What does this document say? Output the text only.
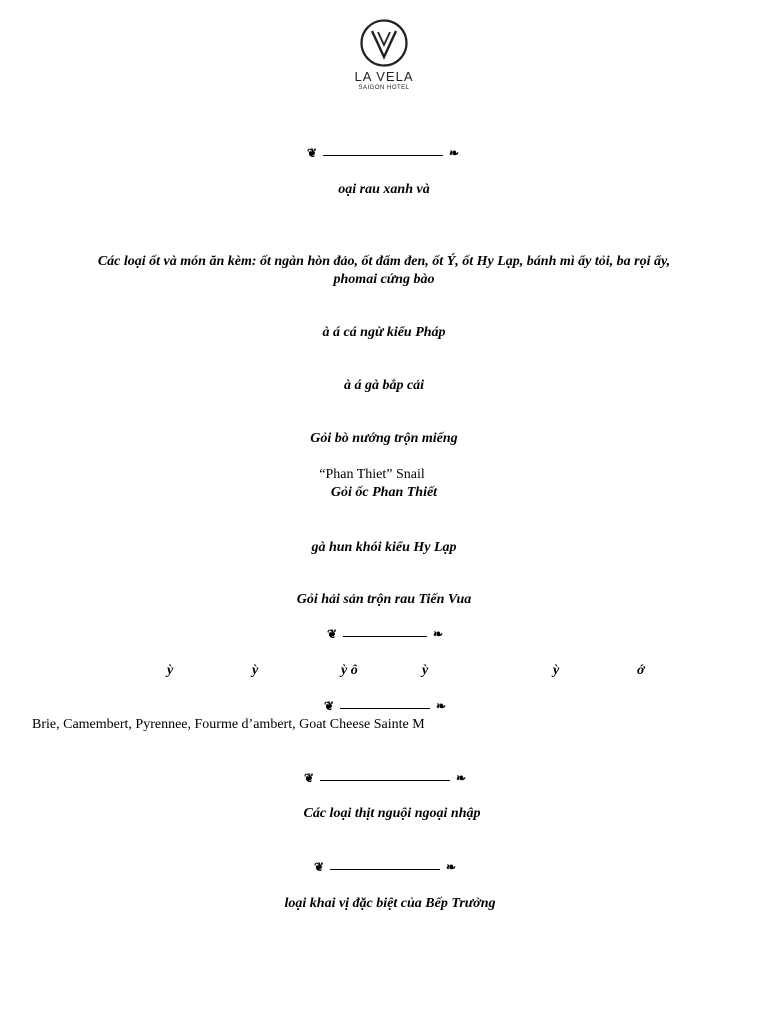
LA VELA
SAIGON HOTEL
❦	❧
oại rau xanh và
Các loại ốt và món ăn kèm: ốt ngàn hòn đảo, ốt đẩm đen, ốt Ý, ốt Hy Lạp, bánh mì ẩy tỏi, ba rọi ẩy,
phomai cứng bào
à á cá ngừ kiểu Pháp
à á gà bắp cải
Gỏi bò nướng trộn miếng
“Phan Thiet” Snail
Gỏi ốc Phan Thiết
gà hun khói kiểu Hy Lạp
Gỏi hải sản trộn rau Tiến Vua
❦	❧
ỳ	ỳ	ỳ ô	ỳ	ỳ	ớ
❦	❧
Brie, Camembert, Pyrennee, Fourme d’ambert, Goat Cheese Sainte M
❦	❧
Các loại thịt nguội ngoại nhập
❦	❧
loại khai vị đặc biệt của Bếp Trưởng
